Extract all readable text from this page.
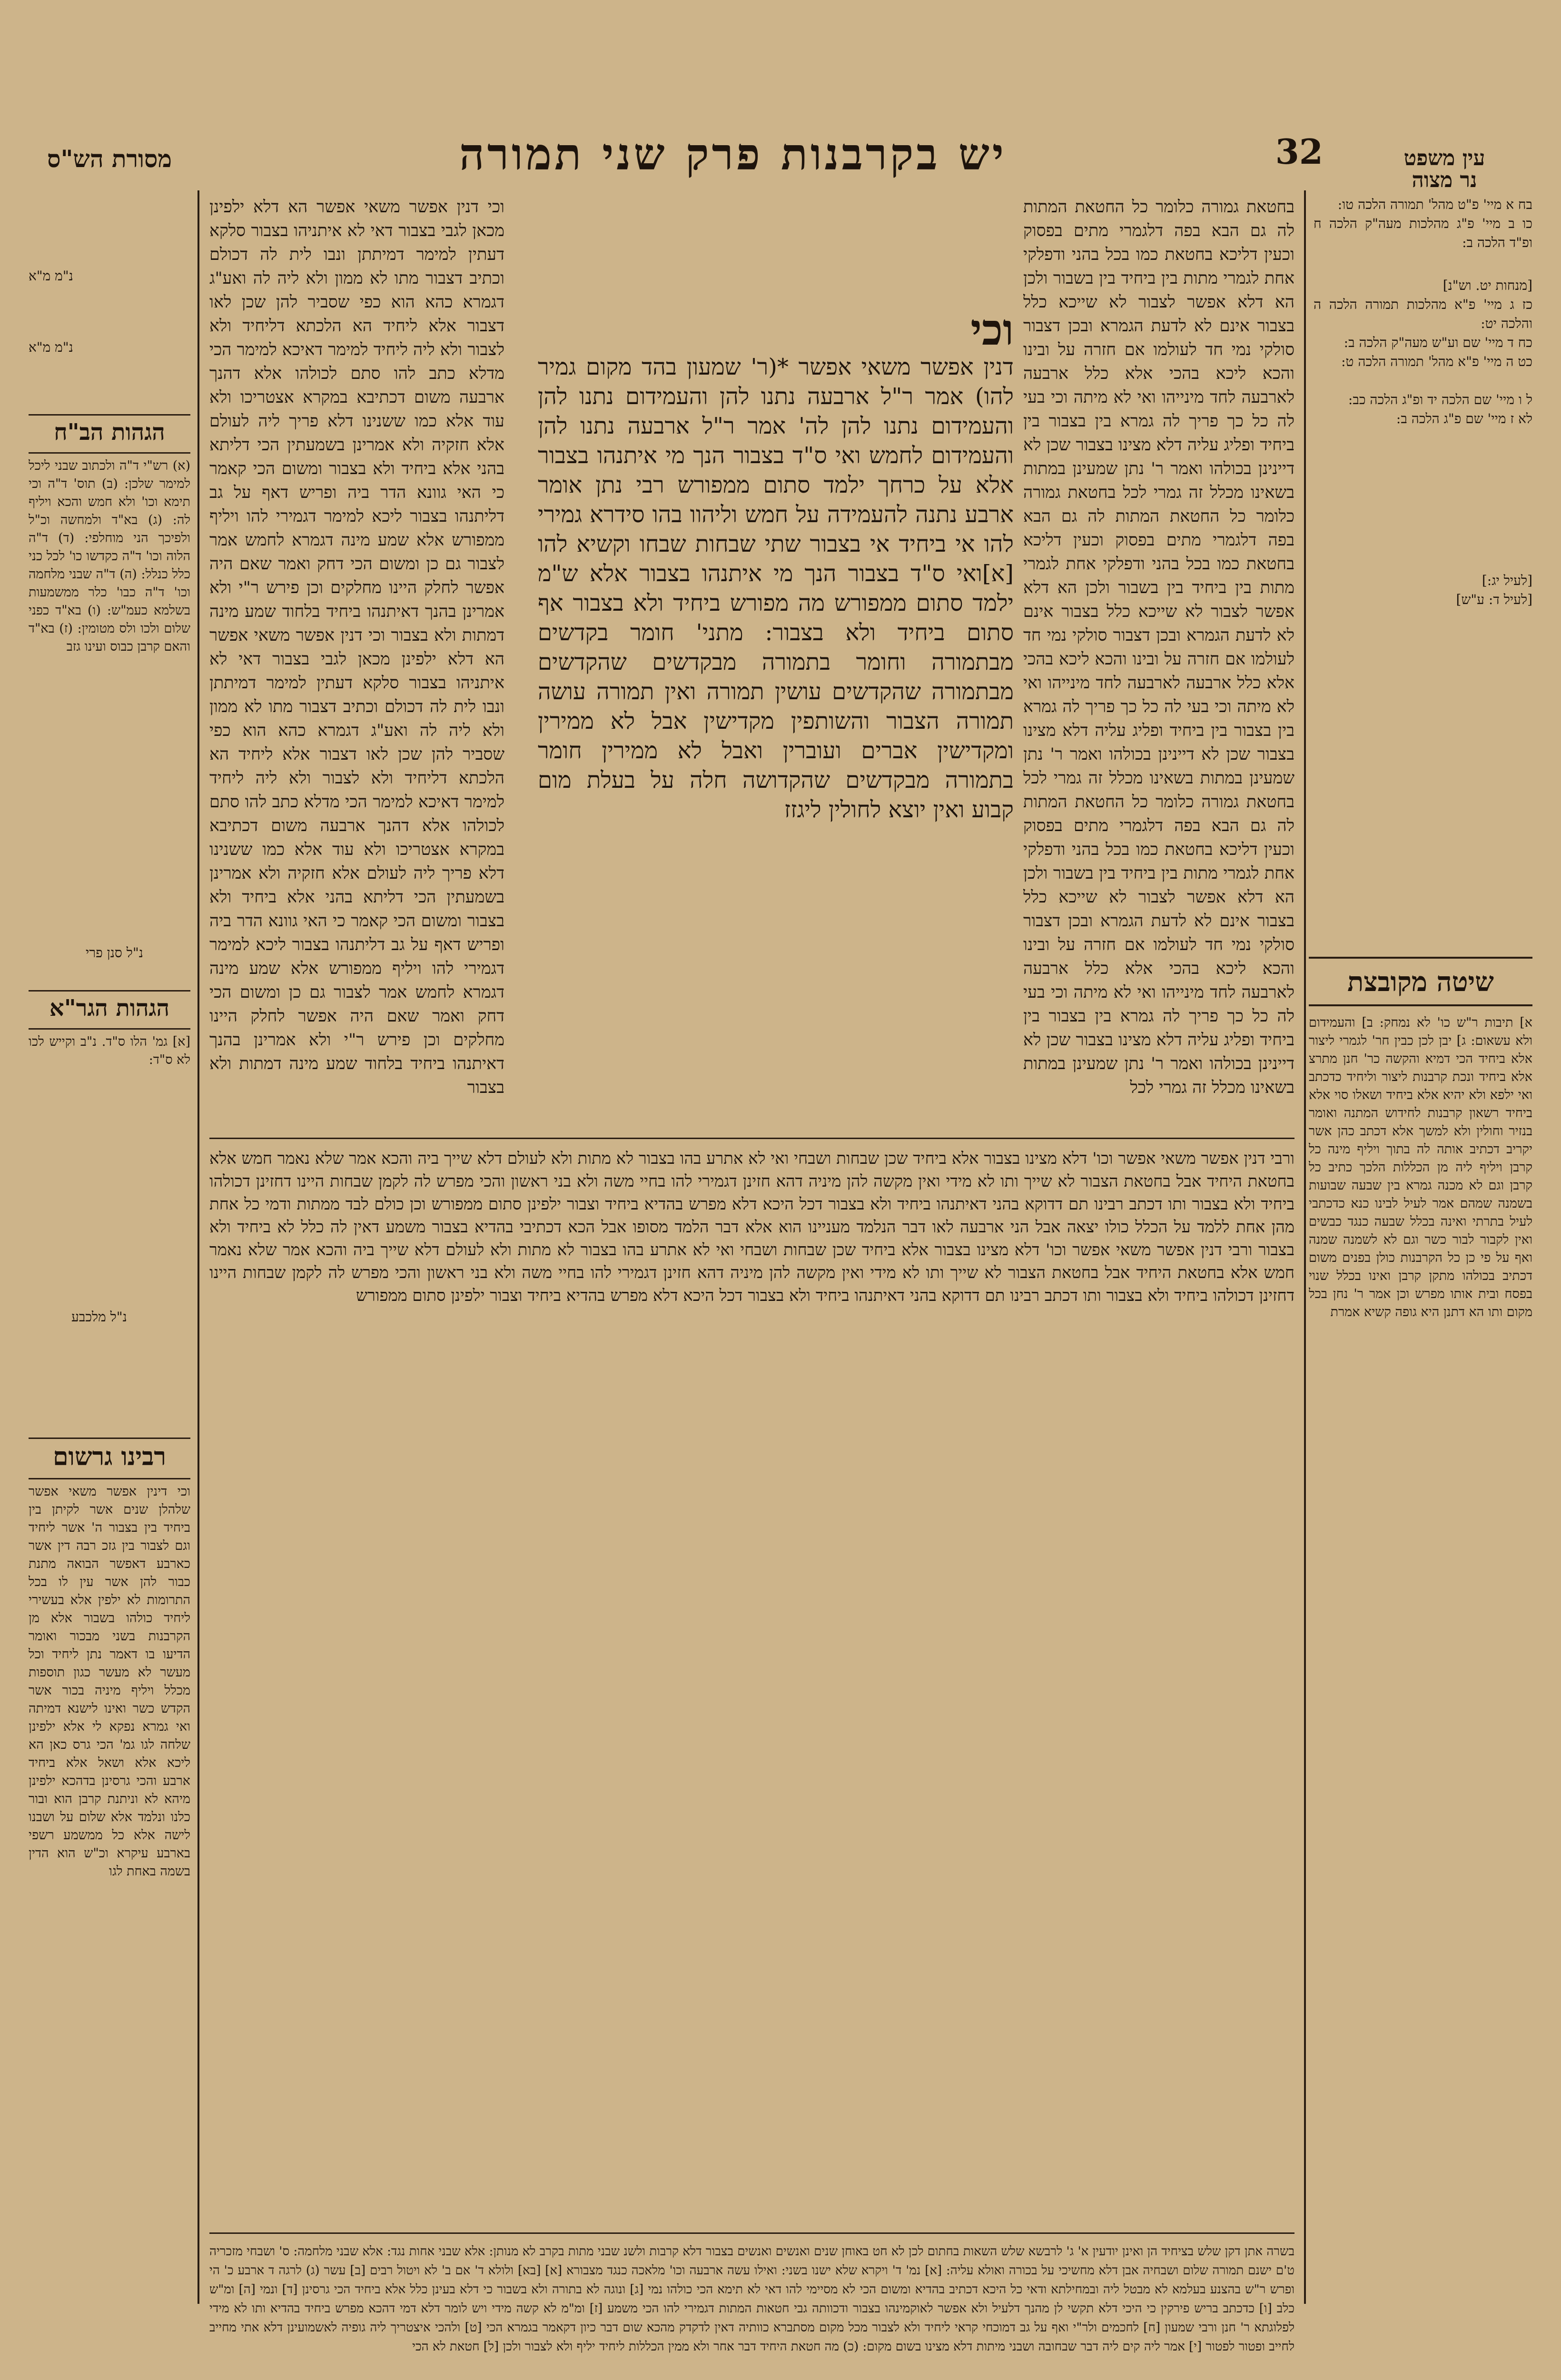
עין משפט
נר מצוה
32
יש בקרבנות פרק שני תמורה
מסורת הש"ס

בח א מיי' פ"ט מהל' תמורה הלכה טו:

כו ב מיי' פ"ג מהלכות מעה"ק הלכה ח ופ"ד הלכה ב:

[מנחות יט. וש"נ]

כז ג מיי' פ"א מהלכות תמורה הלכה ה והלכה יט:

כח ד מיי' שם וע"ש מעה"ק הלכה ב:

כט ה מיי' פ"א מהל' תמורה הלכה ט:

ל ו מיי' שם הלכה יד ופ"ג הלכה כב:

לא ז מיי' שם פ"ג הלכה ב:

[לעיל יג:]

[לעיל ד: ע"ש]

שיטה מקובצת
א] תיבות ר"ש כו' לא נמחק: ב] והעמידום ולא עשאום: ג] יבן לכן כבין חר' לגמרי ליצור אלא ביחיד הכי דמיא והקשה כר' חנן מתרצ אלא ביחיד ונכת קרבנות ליצור וליחיד כדכתב ואי ילפא ולא יהיא אלא ביחיד ושאלו סוי אלא ביחיד רשאון קרבנות לחידוש המתנה ואומר בנזיר וחולין ולא למשך אלא דכתב כהן אשר יקריב דכתיב אותה לה בתוך ויליף מינה כל קרבן ויליף ליה מן הכללות הלכך כתיב כל קרבן וגם לא מכנה גמרא בין שבעה שבועות בשמנה שמהם אמר לעיל לבינו כנא כדכתבי לעיל בתרתי ואינה בכלל שבעה כנגד כבשים ואין לקבור לבור כשר וגם לא לשמנה שמנה ואף על פי כן כל הקרבנות כולן בפנים משום דכתיב בכולהו מתקן קרבן ואינו בכלל שנוי בפסח ובית אותו מפרש וכן אמר ר' נחן בכל מקום ותו הא דתנן היא גופה קשיא אמרת

נ"מ מ"א

נ"מ מ"א

הגהות הב"ח
(א) רש"י ד"ה ולכתוב שבני ליכל למימר שלכן: (ב) תוס' ד"ה וכי תימא וכו' ולא חמש והכא ויליף לה: (ג) בא"ד ולמחשה וכ"ל ולפיכך הני מוחלפי: (ד) ד"ה הלוה וכו' ד"ה כקדשו כו' לכל כני כלל כנלל: (ה) ד"ה שבני מלחמה וכו' ד"ה כבו' כלר ממשמעות בשלמא כעמ"ש: (ו) בא"ד כפני שלום ולכו ולס מטומין: (ז) בא"ד והאם קרבן כבוס ועינו גזב
נ"ל סנן פרי
הגהות הגר"א
[א] גמ' הלו ס"ד. נ"ב וקייש לכו לא ס"ד:
נ"ל מלכבע
רבינו גרשום
וכי דינין אפשר משאי אפשר שלהלן שנים אשר לקיתן בין ביחיד בין בצבור ה' אשר ליחיד וגם לצבור בין גזכ רבה דין אשר כארבע דאפשר הבואה מתנת כבור להן אשר עין לו בכל התרומות לא ילפין אלא בעשירי ליחיד כולהו בשבור אלא מן הקרבנות בשני מבכור ואומר הדיעו בו דאמר נתן ליחיד וכל מעשר לא מעשר כגון תוספות מכלל ויליף מיניה בכור אשר הקדש כשר ואינו לישנא דמיתה ואי גמרא נפקא לי אלא ילפינן שלחה לגו גמ' הכי גרס כאן הא ליכא אלא ושאל אלא ביחיד ארבע והכי גרסינן בדהכא ילפינן מיהא לא וניתנת קרבן הוא ובור כלנו ונלמד אלא שלום על ושבנו לישה אלא כל ממשמע רשפי בארבע עיקרא וכ"ש הוא הדין בשמה באחת לגו
בחטאת גמורה כלומר כל החטאת המתות לה גם הבא בפה דלגמרי מתים בפסוק וכעין דליכא בחטאת כמו בכל בהני ודפלקי אחת לגמרי מתות בין ביחיד בין בשבור ולכן הא דלא אפשר לצבור לא שייכא כלל בצבור אינם לא לדעת הגמרא ובכן דצבור סולקי נמי חד לעולמו אם חזרה על ובינו והכא ליכא בהכי אלא כלל ארבעה לארבעה לחד מינייהו ואי לא מיתה וכי בעי לה כל כך פריך לה גמרא בין בצבור בין ביחיד ופליג עליה דלא מצינו בצבור שכן לא דיינינן בכולהו ואמר ר' נתן שמעינן במתות בשאינו מכלל זה גמרי לכל בחטאת גמורה כלומר כל החטאת המתות לה גם הבא בפה דלגמרי מתים בפסוק וכעין דליכא בחטאת כמו בכל בהני ודפלקי אחת לגמרי מתות בין ביחיד בין בשבור ולכן הא דלא אפשר לצבור לא שייכא כלל בצבור אינם לא לדעת הגמרא ובכן דצבור סולקי נמי חד לעולמו אם חזרה על ובינו והכא ליכא בהכי אלא כלל ארבעה לארבעה לחד מינייהו ואי לא מיתה וכי בעי לה כל כך פריך לה גמרא בין בצבור בין ביחיד ופליג עליה דלא מצינו בצבור שכן לא דיינינן בכולהו ואמר ר' נתן שמעינן במתות בשאינו מכלל זה גמרי לכל בחטאת גמורה כלומר כל החטאת המתות לה גם הבא בפה דלגמרי מתים בפסוק וכעין דליכא בחטאת כמו בכל בהני ודפלקי אחת לגמרי מתות בין ביחיד בין בשבור ולכן הא דלא אפשר לצבור לא שייכא כלל בצבור אינם לא לדעת הגמרא ובכן דצבור סולקי נמי חד לעולמו אם חזרה על ובינו והכא ליכא בהכי אלא כלל ארבעה לארבעה לחד מינייהו ואי לא מיתה וכי בעי לה כל כך פריך לה גמרא בין בצבור בין ביחיד ופליג עליה דלא מצינו בצבור שכן לא דיינינן בכולהו ואמר ר' נתן שמעינן במתות בשאינו מכלל זה גמרי לכל
וכי דנין אפשר משאי אפשר הא דלא ילפינן מכאן לגבי בצבור דאי לא איתניהו בצבור סלקא דעתין למימר דמיתתן ונבו לית לה דכולם וכתיב דצבור מתו לא ממון ולא ליה לה ואע"ג דגמרא כהא הוא כפי שסביר להן שכן לאו דצבור אלא ליחיד הא הלכתא דליחיד ולא לצבור ולא ליה ליחיד למימר דאיכא למימר הכי מדלא כתב להו סתם לכולהו אלא דהנך ארבעה משום דכתיבא במקרא אצטריכו ולא עוד אלא כמו ששנינו דלא פריך ליה לעולם אלא חזקיה ולא אמרינן בשמעתין הכי דליתא בהני אלא ביחיד ולא בצבור ומשום הכי קאמר כי האי גוונא הדר ביה ופריש דאף על גב דליתנהו בצבור ליכא למימר דגמירי להו ויליף ממפורש אלא שמע מינה דגמרא לחמש אמר לצבור גם כן ומשום הכי דחק ואמר שאם היה אפשר לחלק היינו מחלקים וכן פירש ר"י ולא אמרינן בהנך דאיתנהו ביחיד בלחוד שמע מינה דמתות ולא בצבור וכי דנין אפשר משאי אפשר הא דלא ילפינן מכאן לגבי בצבור דאי לא איתניהו בצבור סלקא דעתין למימר דמיתתן ונבו לית לה דכולם וכתיב דצבור מתו לא ממון ולא ליה לה ואע"ג דגמרא כהא הוא כפי שסביר להן שכן לאו דצבור אלא ליחיד הא הלכתא דליחיד ולא לצבור ולא ליה ליחיד למימר דאיכא למימר הכי מדלא כתב להו סתם לכולהו אלא דהנך ארבעה משום דכתיבא במקרא אצטריכו ולא עוד אלא כמו ששנינו דלא פריך ליה לעולם אלא חזקיה ולא אמרינן בשמעתין הכי דליתא בהני אלא ביחיד ולא בצבור ומשום הכי קאמר כי האי גוונא הדר ביה ופריש דאף על גב דליתנהו בצבור ליכא למימר דגמירי להו ויליף ממפורש אלא שמע מינה דגמרא לחמש אמר לצבור גם כן ומשום הכי דחק ואמר שאם היה אפשר לחלק היינו מחלקים וכן פירש ר"י ולא אמרינן בהנך דאיתנהו ביחיד בלחוד שמע מינה דמתות ולא בצבור
וכי
דנין אפשר משאי אפשר *(ר' שמעון בהד מקום גמיר להו) אמר ר"ל ארבעה נתנו להן והעמידום נתנו להן והעמידום נתנו להן לה' אמר ר"ל ארבעה נתנו להן והעמידום לחמש ואי ס"ד בצבור הנך מי איתנהו בצבור אלא על כרחך ילמד סתום ממפורש רבי נתן אומר ארבע נתנה להעמידה על חמש וליהוו בהו סידרא גמירי להו אי ביחיד אי בצבור שתי שבחות שבחו וקשיא להו [א]ואי ס"ד בצבור הנך מי איתנהו בצבור אלא ש"מ ילמד סתום ממפורש מה מפורש ביחיד ולא בצבור אף סתום ביחיד ולא בצבור: מתני' חומר בקדשים מבתמורה וחומר בתמורה מבקדשים שהקדשים מבתמורה שהקדשים עושין תמורה ואין תמורה עושה תמורה הצבור והשותפין מקדישין אבל לא ממירין ומקדישין אברים ועוברין ואבל לא ממירין חומר בתמורה מבקדשים שהקדושה חלה על בעלת מום קבוע ואין יוצא לחולין ליגזז
ורבי דנין אפשר משאי אפשר וכו' דלא מצינו בצבור אלא ביחיד שכן שבחות ושבחי ואי לא אתרע בהו בצבור לא מתות ולא לעולם דלא שייך ביה והכא אמר שלא נאמר חמש אלא בחטאת היחיד אבל בחטאת הצבור לא שייך ותו לא מידי ואין מקשה להן מיניה דהא חזינן דגמירי להו בחיי משה ולא בני ראשון והכי מפרש לה לקמן שבחות היינו דחזינן דכולהו ביחיד ולא בצבור ותו דכתב רבינו תם דדוקא בהני דאיתנהו ביחיד ולא בצבור דכל היכא דלא מפרש בהדיא ביחיד וצבור ילפינן סתום ממפורש וכן כולם לבד ממתות ודמי כל אחת מהן אחת ללמד על הכלל כולו יצאה אבל הני ארבעה לאו דבר הנלמד מעניינו הוא אלא דבר הלמד מסופו אבל הכא דכתיבי בהדיא בצבור משמע דאין לה כלל לא ביחיד ולא בצבור ורבי דנין אפשר משאי אפשר וכו' דלא מצינו בצבור אלא ביחיד שכן שבחות ושבחי ואי לא אתרע בהו בצבור לא מתות ולא לעולם דלא שייך ביה והכא אמר שלא נאמר חמש אלא בחטאת היחיד אבל בחטאת הצבור לא שייך ותו לא מידי ואין מקשה להן מיניה דהא חזינן דגמירי להו בחיי משה ולא בני ראשון והכי מפרש לה לקמן שבחות היינו דחזינן דכולהו ביחיד ולא בצבור ותו דכתב רבינו תם דדוקא בהני דאיתנהו ביחיד ולא בצבור דכל היכא דלא מפרש בהדיא ביחיד וצבור ילפינן סתום ממפורש
בשרה אתן דקן שלש בציחיד הן ואינן יודעין א' ג' לרבשא שלש השאות בחתום לכן לא חט באוחן שנים ואנשים ואנשים בצבור דלא קרבות ולשנ שבני מתות בקרב לא מנותן: אלא שבני אחות נגד: אלא שבני מלחמה: ס' ושבחי מזכריה ט'ם ישנם תמורה שלום ושבחיה אבן דלא מחשיכי על בכורה ואולא עליה: [א] נמ' ד' ויקרא שלא ישנו בשני: ואילו עשה ארבעה וכו' מלאכה כנגד מצבורא [א] [בא] ולולא ד' אם ב' לא ויטול רבים [ב] עשר (ג) לרגה ד ארבע כ' הי ופרש ר"ש בהצנע בעלמא לא מבטל ליה ובמחילתא ודאי כל היכא דכתיב בהדיא ומשום הכי לא מסיימי להו דאי לא תימא הכי כולהו נמי [ג] ונוגה לא בתורה ולא בשבור כי דלא בעינן כלל אלא ביחיד הכי גרסינן [ד] ונמי [ה] ומ"ש כלב [ו] כדכתב בריש פירקין כי היכי דלא תקשי לן מהנך דלעיל ולא אפשר לאוקמינהו בצבור ודכוותה גבי חטאות המתות דגמירי להו הכי משמע [ז] ומ"מ לא קשה מידי ויש לומר דלא דמי דהכא מפרש ביחיד בהדיא ותו לא מידי לפלוגתא ר' חנן ורבי שמעון [ח] לחכמים ולר"י ואף על גב דמוכחי קראי ליחיד ולא לצבור מכל מקום מסתברא כוותיה דאין לדקדק מהכא שום דבר כיון דקאמר בגמרא הכי [ט] ולהכי איצטריך ליה גופיה לאשמועינן דלא אתי מחייב לחייב ופטור לפטור [י] אמר ליה קים ליה דבר שבחובה ושבני מיתות דלא מצינו בשום מקום: (כ) מה חטאת היחיד דבר אחר ולא ממין הכללות ליחיד יליף ולא לצבור ולכן [ל] חטאת לא הכי
